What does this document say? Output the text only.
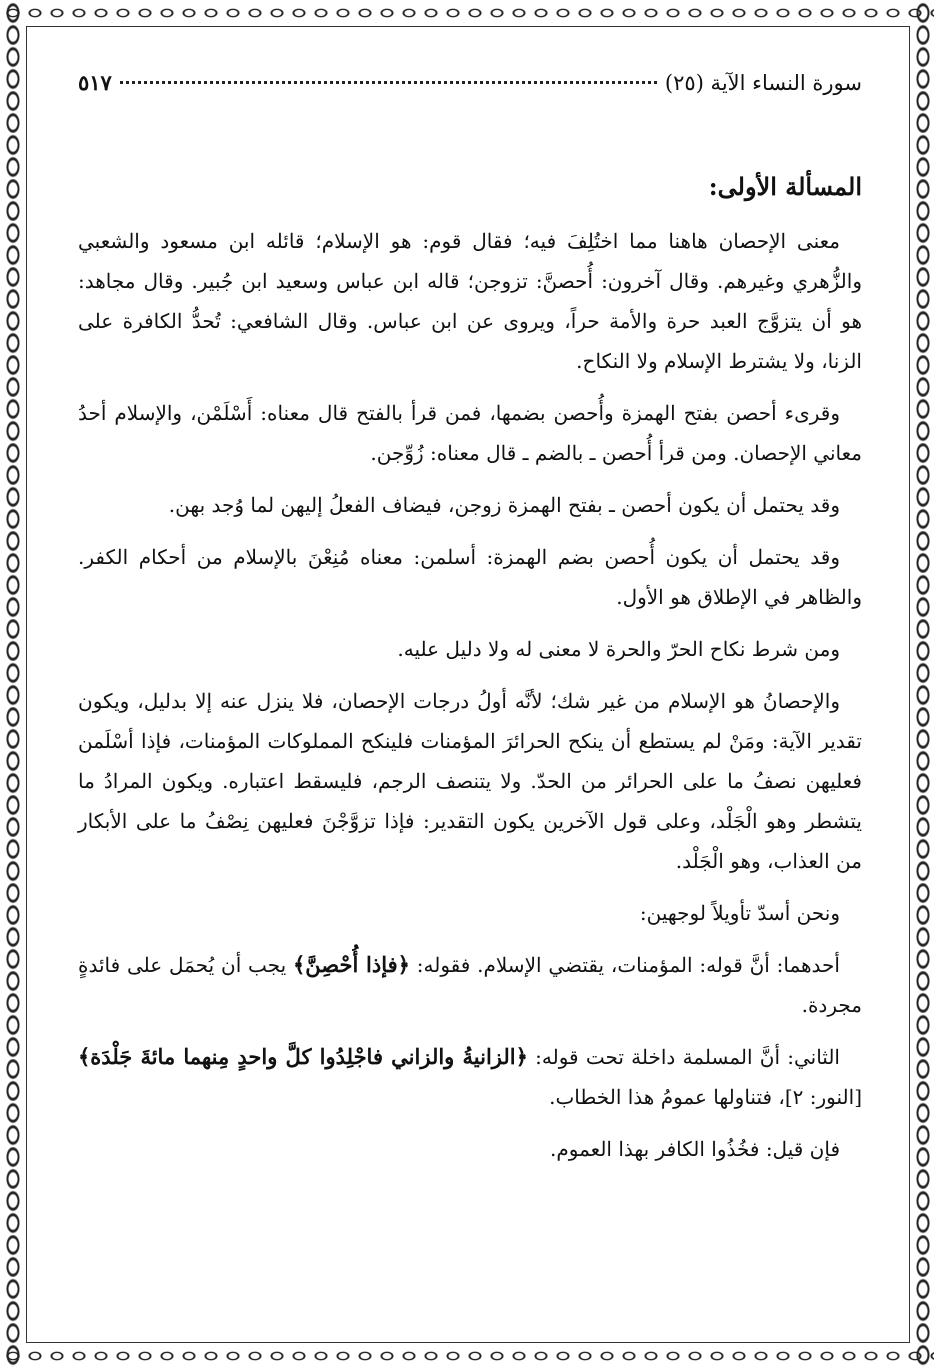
سورة النساء الآية (٢٥)
٥١٧
المسألة الأولى:

معنى الإحصان هاهنا مما اختُلِفَ فيه؛ فقال قوم: هو الإسلام؛ قائله ابن مسعود والشعبي والزُّهري وغيرهم. وقال آخرون: أُحصنَّ: تزوجن؛ قاله ابن عباس وسعيد ابن جُبير. وقال مجاهد: هو أن يتزوَّج العبد حرة والأمة حراً، ويروى عن ابن عباس. وقال الشافعي: تُحدُّ الكافرة على الزنا، ولا يشترط الإسلام ولا النكاح.

وقرىء أحصن بفتح الهمزة وأُحصن بضمها، فمن قرأ بالفتح قال معناه: أَسْلَمْن، والإسلام أحدُ معاني الإحصان. ومن قرأ أُحصن ـ بالضم ـ قال معناه: زُوِّجن.

وقد يحتمل أن يكون أحصن ـ بفتح الهمزة زوجن، فيضاف الفعلُ إليهن لما وُجد بهن.

وقد يحتمل أن يكون أُحصن بضم الهمزة: أسلمن: معناه مُنِعْنَ بالإسلام من أحكام الكفر. والظاهر في الإطلاق هو الأول.

ومن شرط نكاح الحرّ والحرة لا معنى له ولا دليل عليه.

والإحصانُ هو الإسلام من غير شك؛ لأنَّه أولُ درجات الإحصان، فلا ينزل عنه إلا بدليل، ويكون تقدير الآية: ومَنْ لم يستطع أن ينكح الحرائرَ المؤمنات فلينكح المملوكات المؤمنات، فإذا أسْلَمن فعليهن نصفُ ما على الحرائر من الحدّ. ولا يتنصف الرجم، فليسقط اعتباره. ويكون المرادُ ما يتشطر وهو الْجَلْد، وعلى قول الآخرين يكون التقدير: فإذا تزوَّجْنَ فعليهن نِصْفُ ما على الأبكار من العذاب، وهو الْجَلْد.

ونحن أسدّ تأويلاً لوجهين:

أحدهما: أنَّ قوله: المؤمنات، يقتضي الإسلام. فقوله: ﴿فإذا أُحْصِنَّ﴾ يجب أن يُحمَل على فائدةٍ مجردة.

الثاني: أنَّ المسلمة داخلة تحت قوله: ﴿الزانيةُ والزاني فاجْلِدُوا كلَّ واحدٍ مِنهما مائةَ جَلْدَة﴾ [النور: ٢]، فتناولها عمومُ هذا الخطاب.

فإن قيل: فخُذُوا الكافر بهذا العموم.
